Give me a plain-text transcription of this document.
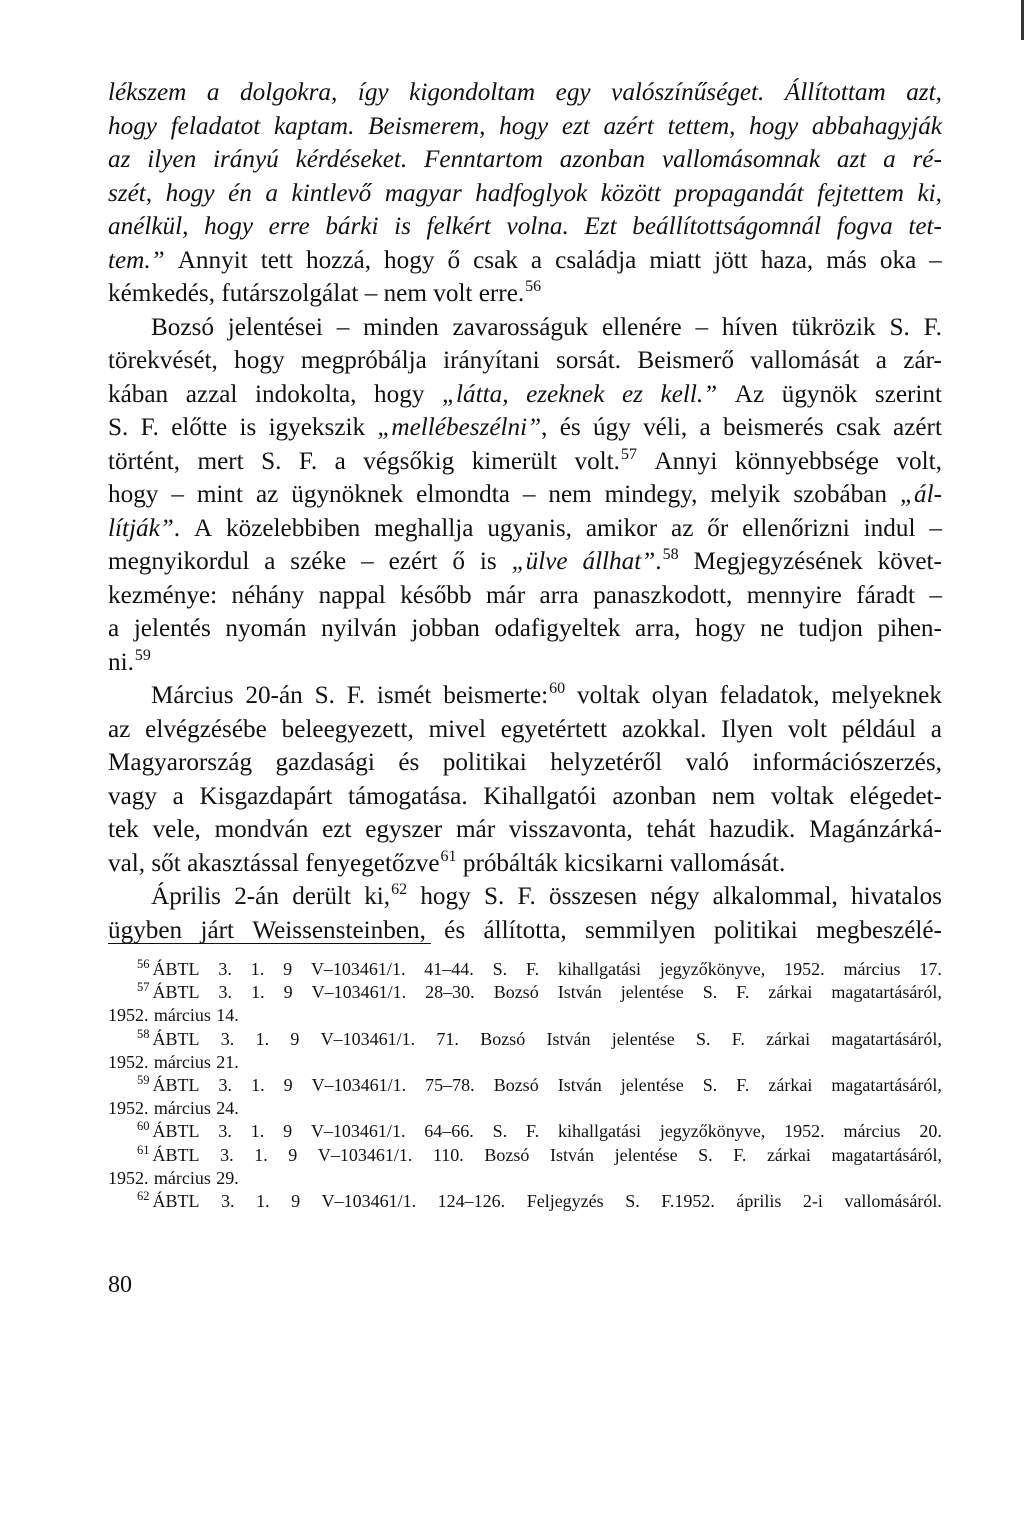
lékszem a dolgokra, így kigondoltam egy valószínűséget. Állítottam azt,
hogy feladatot kaptam. Beismerem, hogy ezt azért tettem, hogy abbahagyják
az ilyen irányú kérdéseket. Fenntartom azonban vallomásomnak azt a ré-
szét, hogy én a kintlevő magyar hadfoglyok között propagandát fejtettem ki,
anélkül, hogy erre bárki is felkért volna. Ezt beállítottságomnál fogva tet-
tem.” Annyit tett hozzá, hogy ő csak a családja miatt jött haza, más oka –
kémkedés, futárszolgálat – nem volt erre.$^{56}$
Bozsó jelentései – minden zavarosságuk ellenére – híven tükrözik S. F.
törekvését, hogy megpróbálja irányítani sorsát. Beismerő vallomását a zár-
kában azzal indokolta, hogy „látta, ezeknek ez kell.” Az ügynök szerint
S. F. előtte is igyekszik „mellébeszélni”, és úgy véli, a beismerés csak azért
történt, mert S. F. a végsőkig kimerült volt.$^{57}$ Annyi könnyebbsége volt,
hogy – mint az ügynöknek elmondta – nem mindegy, melyik szobában „ál-
lítják”. A közelebbiben meghallja ugyanis, amikor az őr ellenőrizni indul –
megnyikordul a széke – ezért ő is „ülve állhat”.$^{58}$ Megjegyzésének követ-
kezménye: néhány nappal később már arra panaszkodott, mennyire fáradt –
a jelentés nyomán nyilván jobban odafigyeltek arra, hogy ne tudjon pihen-
ni.$^{59}$
Március 20-án S. F. ismét beismerte:$^{60}$ voltak olyan feladatok, melyeknek
az elvégzésébe beleegyezett, mivel egyetértett azokkal. Ilyen volt például a
Magyarország gazdasági és politikai helyzetéről való információszerzés,
vagy a Kisgazdapárt támogatása. Kihallgatói azonban nem voltak elégedet-
tek vele, mondván ezt egyszer már visszavonta, tehát hazudik. Magánzárká-
val, sőt akasztással fenyegetőzve$^{61}$ próbálták kicsikarni vallomását.
Április 2-án derült ki,$^{62}$ hogy S. F. összesen négy alkalommal, hivatalos
ügyben járt Weissensteinben, és állította, semmilyen politikai megbeszélé-
$^{56}$ ÁBTL 3. 1. 9 V–103461/1. 41–44. S. F. kihallgatási jegyzőkönyve, 1952. március 17.
$^{57}$ ÁBTL 3. 1. 9 V–103461/1. 28–30. Bozsó István jelentése S. F. zárkai magatartásáról,
1952. március 14.
$^{58}$ ÁBTL 3. 1. 9 V–103461/1. 71. Bozsó István jelentése S. F. zárkai magatartásáról,
1952. március 21.
$^{59}$ ÁBTL 3. 1. 9 V–103461/1. 75–78. Bozsó István jelentése S. F. zárkai magatartásáról,
1952. március 24.
$^{60}$ ÁBTL 3. 1. 9 V–103461/1. 64–66. S. F. kihallgatási jegyzőkönyve, 1952. március 20.
$^{61}$ ÁBTL 3. 1. 9 V–103461/1. 110. Bozsó István jelentése S. F. zárkai magatartásáról,
1952. március 29.
$^{62}$ ÁBTL 3. 1. 9 V–103461/1. 124–126. Feljegyzés S. F.1952. április 2-i vallomásáról.
80
